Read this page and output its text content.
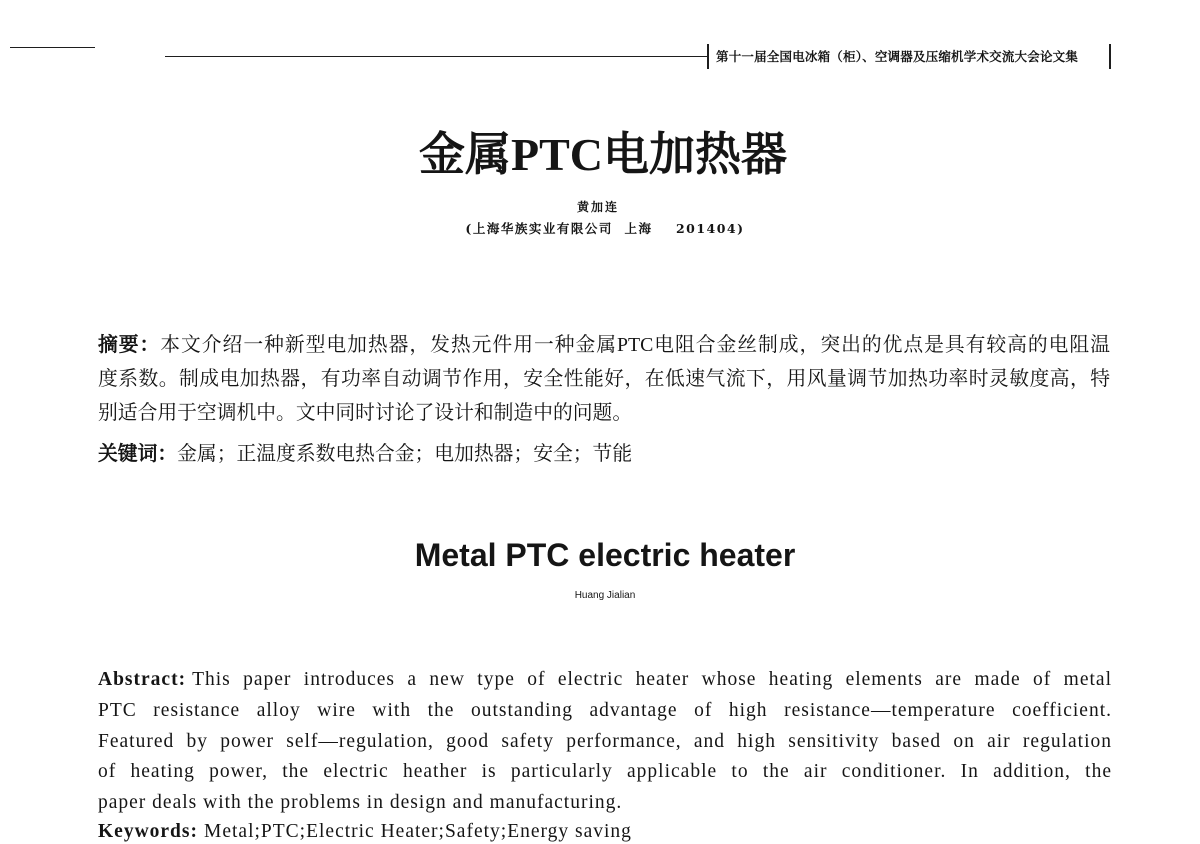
第十一届全国电冰箱（柜）、空调器及压缩机学术交流大会论文集
金属PTC电加热器
黄加连
(上海华族实业有限公司  上海    201404)
摘要：本文介绍一种新型电加热器，发热元件用一种金属PTC电阻合金丝制成，突出的优点是具有较高的电阻温
度系数。制成电加热器，有功率自动调节作用，安全性能好，在低速气流下，用风量调节加热功率时灵敏度高，特
别适合用于空调机中。文中同时讨论了设计和制造中的问题。
关键词：金属；正温度系数电热合金；电加热器；安全；节能
Metal PTC electric heater
Huang Jialian
Abstract: This paper introduces a new type of electric heater whose heating elements are made of metal
PTC resistance alloy wire with the outstanding advantage of high resistance—temperature coefficient.
Featured by power self—regulation, good safety performance, and high sensitivity based on air regulation
of heating power, the electric heather is particularly applicable to the air conditioner. In addition, the
paper deals with the problems in design and manufacturing.
Keywords: Metal;PTC;Electric Heater;Safety;Energy saving
